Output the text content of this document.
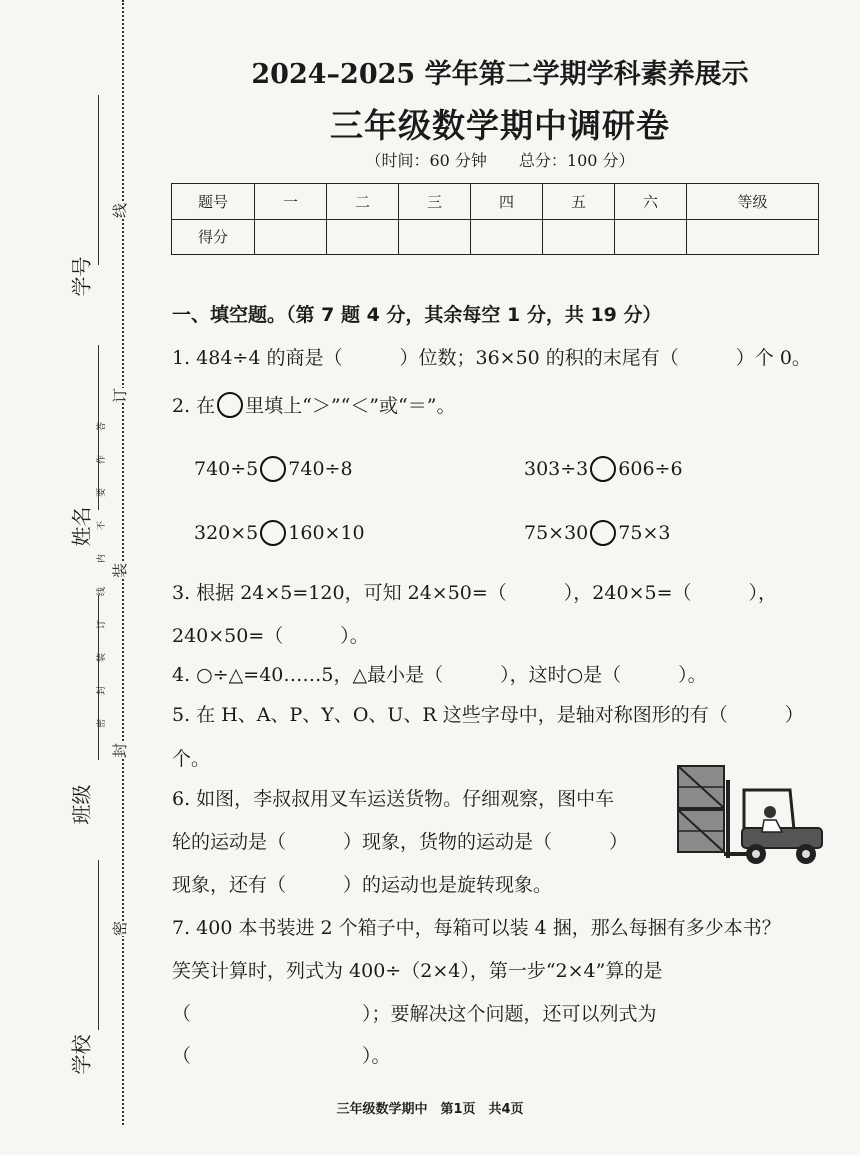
学号
姓名
班级
学校
线
订
装
封
密
答
作
要
不
内
线
订
装
封
密
2024–2025 学年第二学期学科素养展示
三年级数学期中调研卷
（时间：60 分钟　　总分：100 分）
题号	一	二	三	四	五	六	等级
得分							
一、填空题。（第 7 题 4 分，其余每空 1 分，共 19 分）
1. 484÷4 的商是（　　　）位数；36×50 的积的末尾有（　　　）个 0。
2. 在 里填上“＞”“＜”或“＝”。
740÷5 740÷8	303÷3 606÷6
320×5 160×10	75×30 75×3
3. 根据 24×5=120，可知 24×50=（　　　），240×5=（　　　），
240×50=（　　　）。
4. ○÷△=40……5，△最小是（　　　），这时○是（　　　）。
5. 在 H、A、P、Y、O、U、R 这些字母中，是轴对称图形的有（　　　）
个。
6. 如图，李叔叔用叉车运送货物。仔细观察，图中车
轮的运动是（　　　）现象，货物的运动是（　　　）
现象，还有（　　　）的运动也是旋转现象。
7. 400 本书装进 2 个箱子中，每箱可以装 4 捆，那么每捆有多少本书？
笑笑计算时，列式为 400÷（2×4），第一步“2×4”算的是
（　　　　　　　　　）；要解决这个问题，还可以列式为
（　　　　　　　　　）。
三年级数学期中　第1页　共4页
